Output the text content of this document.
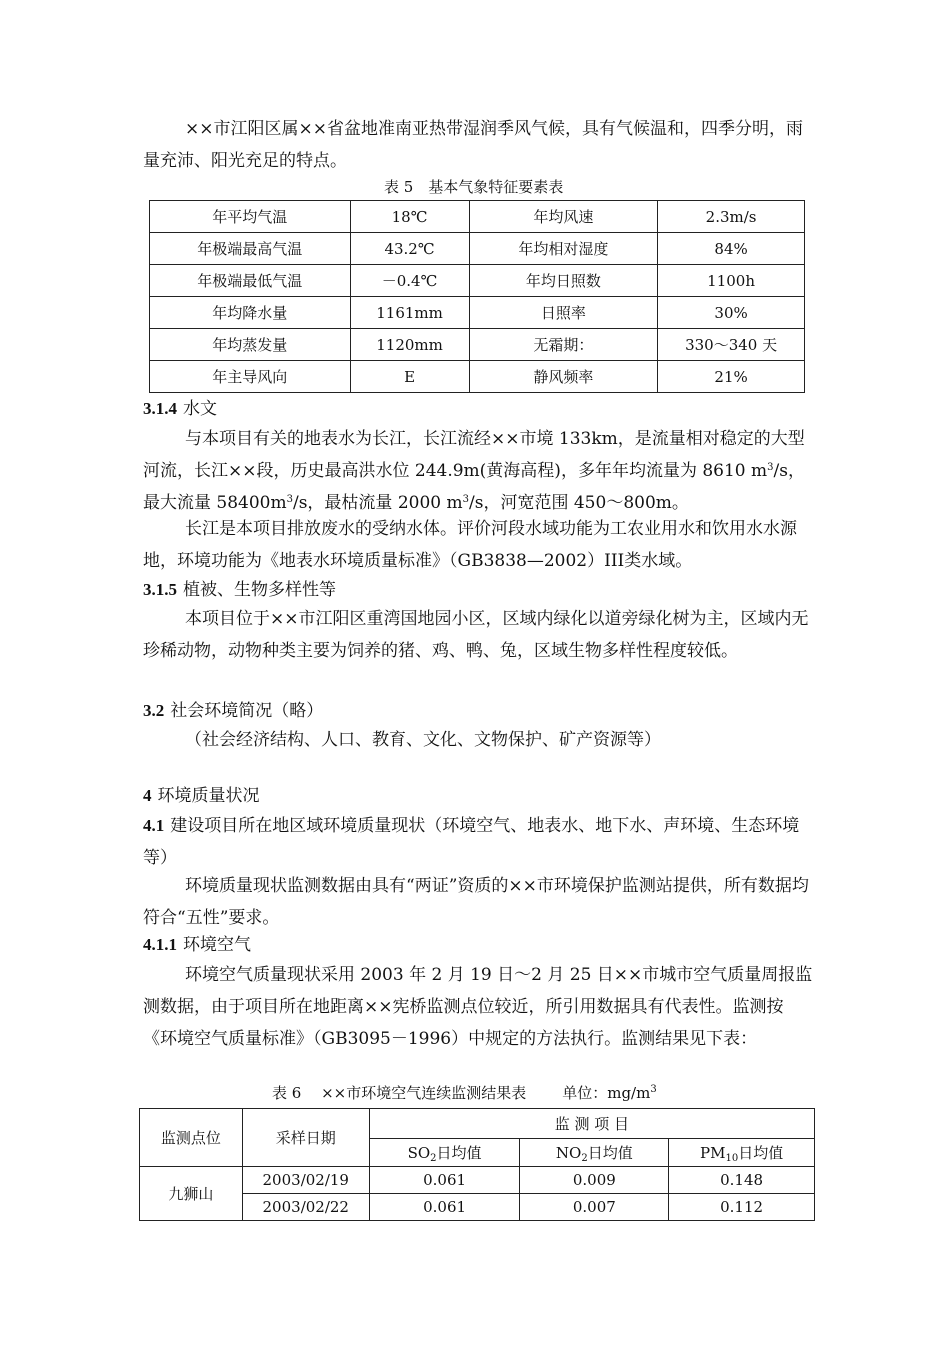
××市江阳区属××省盆地准南亚热带湿润季风气候，具有气候温和，四季分明，雨量充沛、阳光充足的特点。

表 5　基本气象特征要素表
年平均气温	18℃	年均风速	2.3m/s
年极端最高气温	43.2℃	年均相对湿度	84%
年极端最低气温	－0.4℃	年均日照数	1100h
年均降水量	1161mm	日照率	30%
年均蒸发量	1120mm	无霜期：	330～340 天
年主导风向	E	静风频率	21%
3.1.4 水文

与本项目有关的地表水为长江，长江流经××市境 133km，是流量相对稳定的大型河流，长江××段，历史最高洪水位 244.9m(黄海高程)，多年年均流量为 8610 $m^3/s$，最大流量 $58400m^3/s$，最枯流量 2000 $m^3/s$，河宽范围 450～800m。

长江是本项目排放废水的受纳水体。评价河段水域功能为工农业用水和饮用水水源地，环境功能为《地表水环境质量标准》（GB3838—2002）III类水域。

3.1.5 植被、生物多样性等

本项目位于××市江阳区重湾国地园小区，区域内绿化以道旁绿化树为主，区域内无珍稀动物，动物种类主要为饲养的猪、鸡、鸭、兔，区域生物多样性程度较低。

3.2 社会环境简况（略）
（社会经济结构、人口、教育、文化、文物保护、矿产资源等）
4 环境质量状况

4.1 建设项目所在地区域环境质量现状（环境空气、地表水、地下水、声环境、生态环境等）

环境质量现状监测数据由具有“两证”资质的××市环境保护监测站提供，所有数据均符合“五性”要求。

4.1.1 环境空气

环境空气质量现状采用 2003 年 2 月 19 日～2 月 25 日××市城市空气质量周报监测数据，由于项目所在地距离××宪桥监测点位较近，所引用数据具有代表性。监测按《环境空气质量标准》（GB3095－1996）中规定的方法执行。监测结果见下表：

表 6　 ××市环境空气连续监测结果表 单位：$mg/m^3$
监测点位	采样日期	监 测 项 目		
		$SO_2$日均值	$NO_2$日均值	$PM_{10}$日均值
九狮山	2003/02/19	0.061	0.009	0.148
	2003/02/22	0.061	0.007	0.112
